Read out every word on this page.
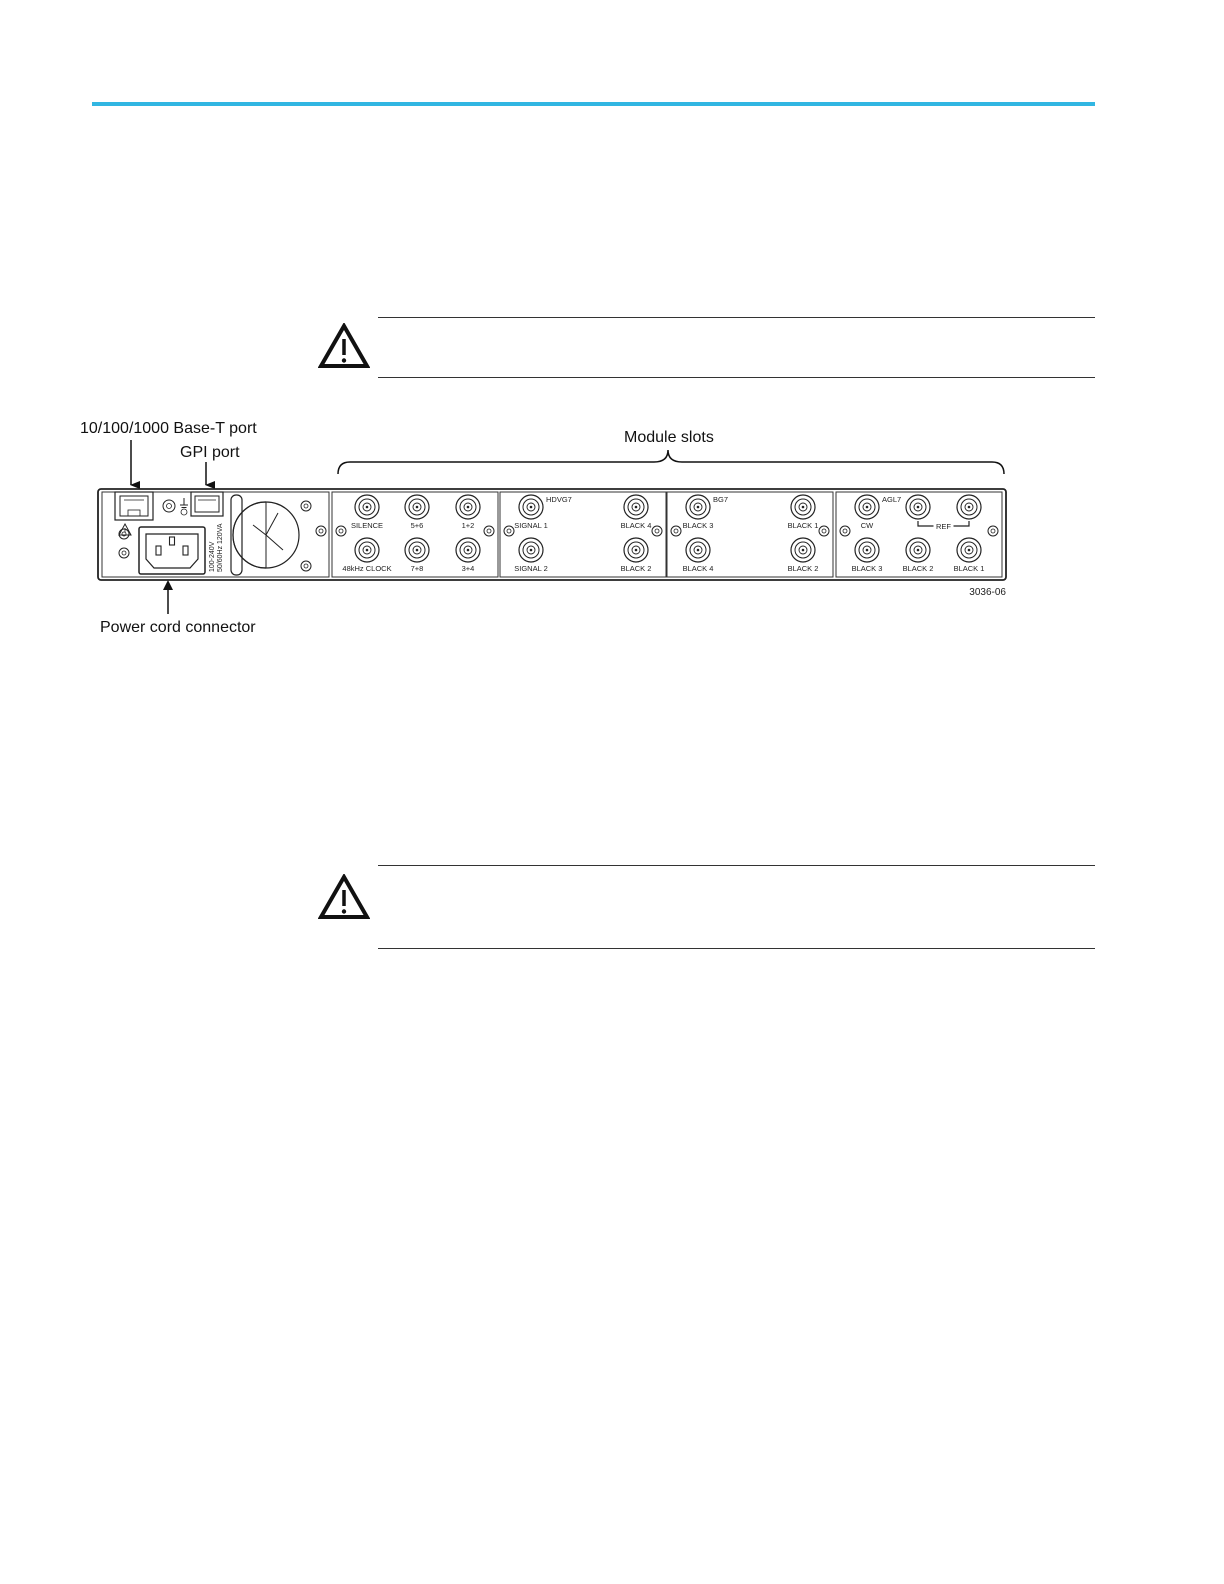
100-240V 50/60Hz 120VA	SILENCE	5+6	1+2
48kHz CLOCK	7+8	3+4
HDVG7
SIGNAL 1	BLACK 4
SIGNAL 2	BLACK 2
BG7
BLACK 3	BLACK 1
BLACK 4	BLACK 2
AGL7
CW	REF
BLACK 3	BLACK 2	BLACK 1
3036-06
10/100/1000 Base-T port
GPI port
Module slots
Power cord connector
